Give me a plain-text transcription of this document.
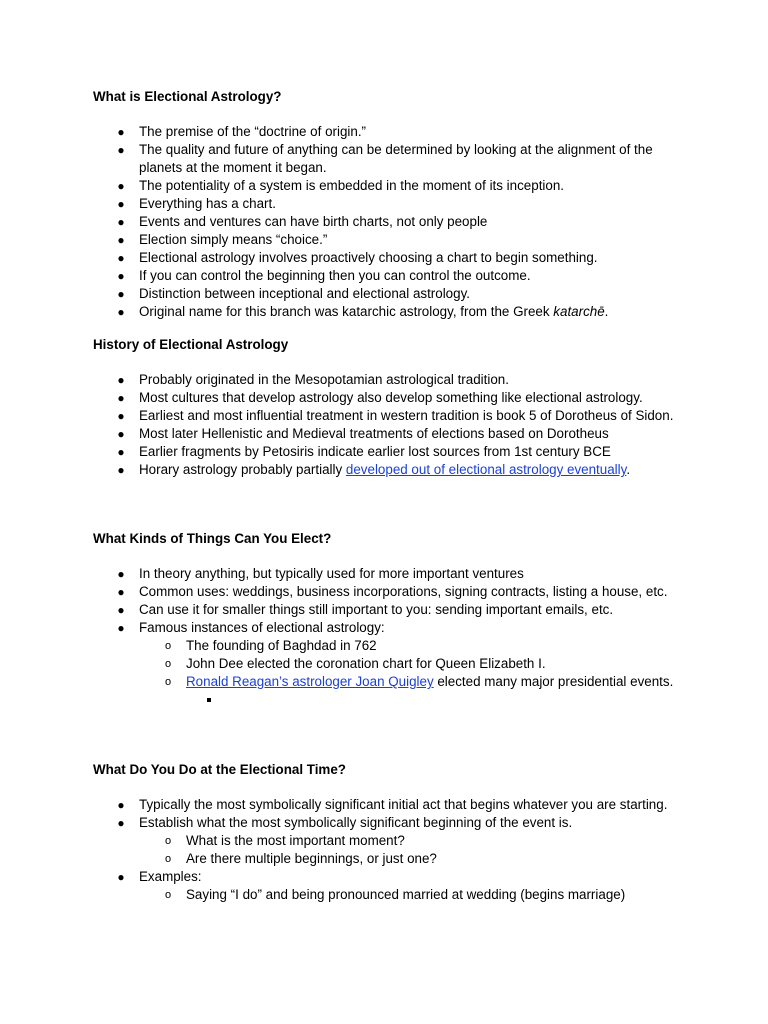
What is Electional Astrology?
● The premise of the “doctrine of origin.”
● The quality and future of anything can be determined by looking at the alignment of the planets at the moment it began.
● The potentiality of a system is embedded in the moment of its inception.
● Everything has a chart.
● Events and ventures can have birth charts, not only people
● Election simply means “choice.”
● Electional astrology involves proactively choosing a chart to begin something.
● If you can control the beginning then you can control the outcome.
● Distinction between inceptional and electional astrology.
● Original name for this branch was katarchic astrology, from the Greek katarchē.
History of Electional Astrology
● Probably originated in the Mesopotamian astrological tradition.
● Most cultures that develop astrology also develop something like electional astrology.
● Earliest and most influential treatment in western tradition is book 5 of Dorotheus of Sidon.
● Most later Hellenistic and Medieval treatments of elections based on Dorotheus
● Earlier fragments by Petosiris indicate earlier lost sources from 1st century BCE
● Horary astrology probably partially developed out of electional astrology eventually.
What Kinds of Things Can You Elect?
● In theory anything, but typically used for more important ventures
● Common uses: weddings, business incorporations, signing contracts, listing a house, etc.
● Can use it for smaller things still important to you: sending important emails, etc.
● Famous instances of electional astrology:
o The founding of Baghdad in 762
o John Dee elected the coronation chart for Queen Elizabeth I.
o Ronald Reagan’s astrologer Joan Quigley elected many major presidential events.
What Do You Do at the Electional Time?
● Typically the most symbolically significant initial act that begins whatever you are starting.
● Establish what the most symbolically significant beginning of the event is.
o What is the most important moment?
o Are there multiple beginnings, or just one?
● Examples:
o Saying “I do” and being pronounced married at wedding (begins marriage)
